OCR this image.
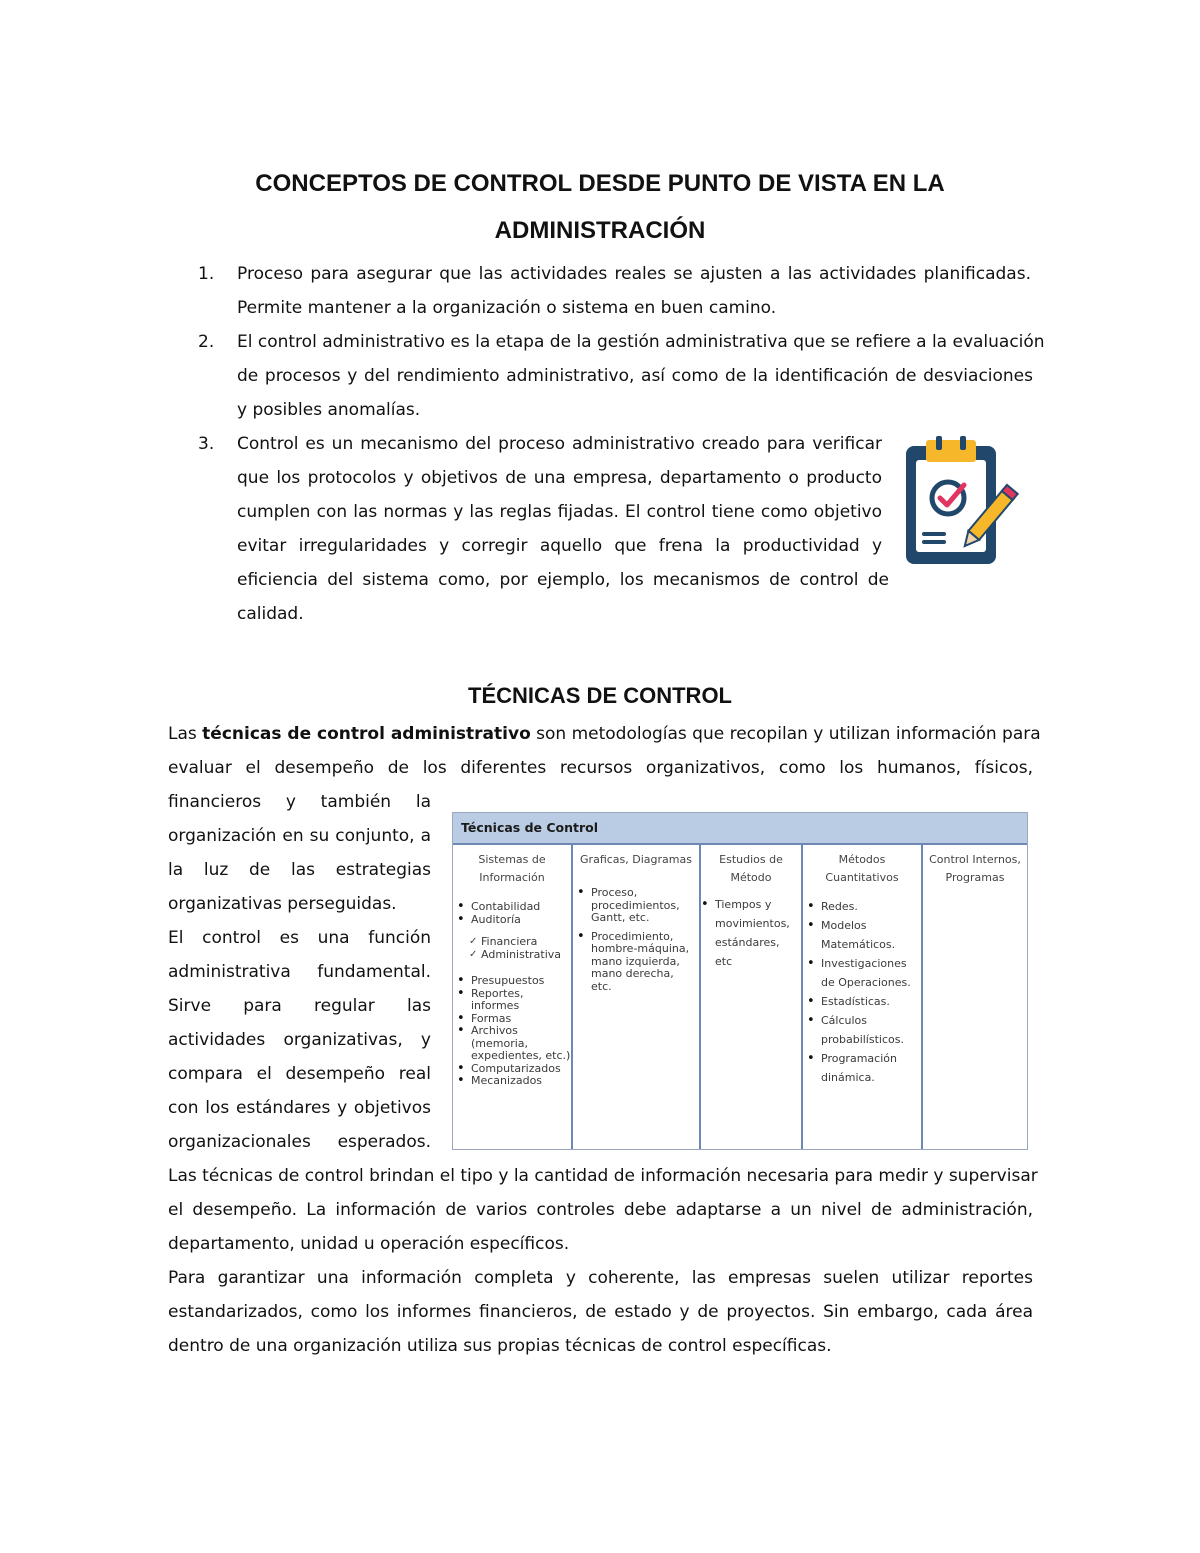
CONCEPTOS DE CONTROL DESDE PUNTO DE VISTA EN LA
ADMINISTRACIÓN
1. Proceso para asegurar que las actividades reales se ajusten a las actividades planificadas.
Permite mantener a la organización o sistema en buen camino.
2. El control administrativo es la etapa de la gestión administrativa que se refiere a la evaluación
de procesos y del rendimiento administrativo, así como de la identificación de desviaciones
y posibles anomalías.
3. Control es un mecanismo del proceso administrativo creado para verificar
que los protocolos y objetivos de una empresa, departamento o producto
cumplen con las normas y las reglas fijadas. El control tiene como objetivo
evitar irregularidades y corregir aquello que frena la productividad y
eficiencia del sistema como, por ejemplo, los mecanismos de control de
calidad.
TÉCNICAS DE CONTROL
Las técnicas de control administrativo son metodologías que recopilan y utilizan información para
evaluar el desempeño de los diferentes recursos organizativos, como los humanos, físicos,
financieros y también la
organización en su conjunto, a
la luz de las estrategias
organizativas perseguidas.
El control es una función
administrativa fundamental.
Sirve para regular las
actividades organizativas, y
compara el desempeño real
con los estándares y objetivos
organizacionales esperados.
Técnicas de Control
Sistemas de Información
• Contabilidad
• Auditoría
✓ Financiera
✓ Administrativa
• Presupuestos
• Reportes, informes
• Formas
• Archivos (memoria, expedientes, etc.)
• Computarizados
• Mecanizados
Graficas, Diagramas
• Proceso, procedimientos, Gantt, etc.
• Procedimiento, hombre-máquina, mano izquierda, mano derecha, etc.
Estudios de Método
• Tiempos y movimientos, estándares, etc
Métodos Cuantitativos
• Redes.
• Modelos Matemáticos.
• Investigaciones de Operaciones.
• Estadísticas.
• Cálculos probabilísticos.
• Programación dinámica.
Control Internos, Programas
Las técnicas de control brindan el tipo y la cantidad de información necesaria para medir y supervisar
el desempeño. La información de varios controles debe adaptarse a un nivel de administración,
departamento, unidad u operación específicos.
Para garantizar una información completa y coherente, las empresas suelen utilizar reportes
estandarizados, como los informes financieros, de estado y de proyectos. Sin embargo, cada área
dentro de una organización utiliza sus propias técnicas de control específicas.
